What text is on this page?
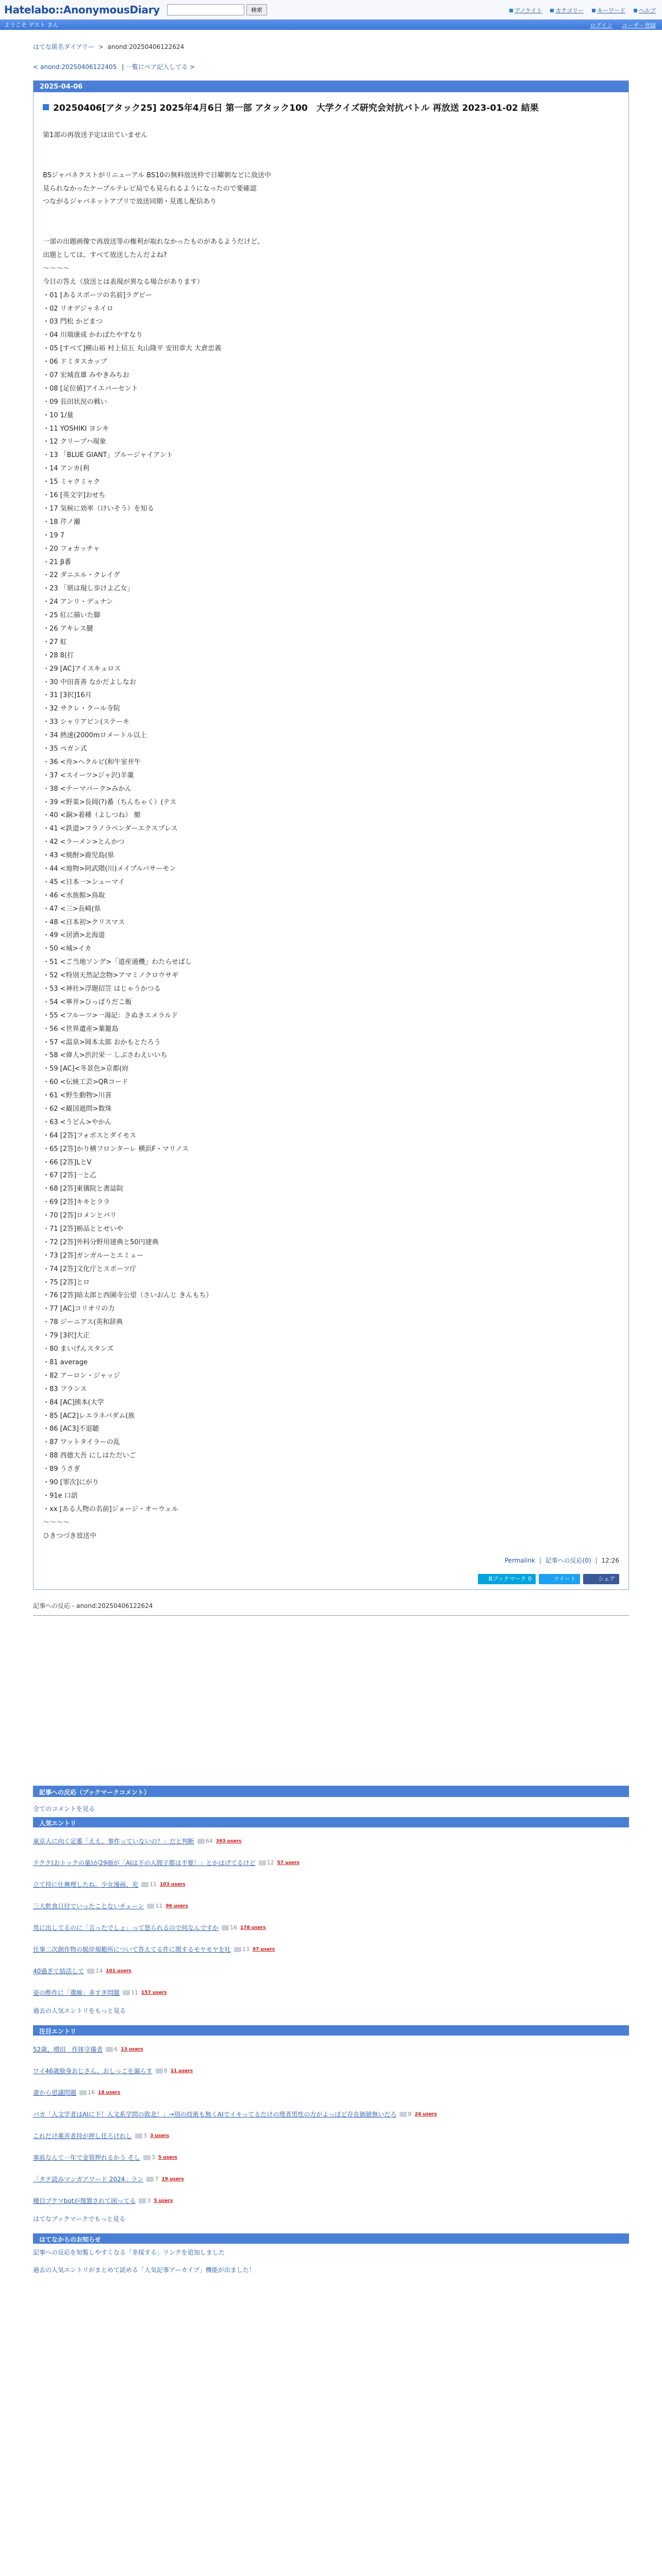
Hatelabo::AnonymousDiary	検索	アノケイト カテゴリー キーワード ヘルプ
ようこそ ゲスト さん	ログイン ユーザー登録
はてな匿名ダイアリー > anond:20250406122624
< anond:20250406122405 | 一覧にペア記入してる >
2025-04-06
20250406[アタック25] 2025年4月6日 第一部 アタック100　大学クイズ研究会対抗バトル 再放送 2023-01-02 結果
第1部の再放送予定は出ていません
BSジャパネクストがリニューアル BS10の無料放送枠で日曜朝などに放送中
見られなかったケーブルテレビ局でも見られるようになったので要確認
つながるジャパネットアプリで放送同期・見逃し配信あり
一部の出題画像で再放送等の権利が取れなかったものがあるようだけど、
出題としては、すべて放送したんだよね?
～～～～
今日の答え（放送とは表現が異なる場合があります）
・01 [あるスポーツの名前]ラグビー
・02 リオデジャネイロ
・03 門松 かどまつ
・04 川端康成 かわばたやすなり
・05 [すべて]横山裕 村上信五 丸山隆平 安田章大 大倉忠義
・06 ドミタスカップ
・07 宏城直雄 みやきみちお
・08 [足位値]アイエパーセント
・09 長田状況の戦い
・10 1/量
・11 YOSHIKI ヨシキ
・12 クリープハ現象
・13 「BLUE GIANT」ブルージャイアント
・14 アンカ(利
・15 ミャクミャク
・16 [英文字]おせち
・17 気候に効率（けいそう）を知る
・18 芹ノ瀬
・19 7
・20 フォカッチャ
・21 β番
・22 ダニエル・クレイグ
・23 「堪は現し歩けよ乙女」
・24 アンリ・デュナン
・25 紅に描いた脚
・26 アキレス腱
・27 虹
・28 8(打
・29 [AC]アイスキュロス
・30 中田喜善 なかだよしなお
・31 [3択]16月
・32 サクレ・クール寺院
・33 シャリアピン(ステーキ
・34 熱速(2000mロメートル以上
・35 ペガン式
・36 <舟>ヘクルビ(和牛室井牛
・37 <スイーツ>ジャ沢)羊羹
・38 <テーマパーク>みかん
・39 <野菜>長岡(?)番（ちんちゃく）(テス
・40 <銅>着種（よしつね） 額
・41 <鉄道>フラノラベンダーエクスプレス
・42 <ラーメン>とんかつ
・43 <焼酎>鹿児島(県
・44 <地物>阿武隈(川)メイプルパサーモン
・45 <日本一>シューマイ
・46 <水族館>鳥取
・47 <三>長崎(県
・48 <日本初>クリスマス
・49 <居酒>北海道
・50 <城>イカ
・51 <ご当地ソング>「道産通機」わたらせばし
・52 <特別天然記念物>アマミノクロウサギ
・53 <神社>浮題招笠 はじゃうかつる
・54 <寧井>ひっぱりだこ飯
・55 <フルーツ>一湯記：さぬきエメラルド
・56 <世界遺産>薬籠島
・57 <温泉>岡本太郎 おかもとたろう
・58 <偉人>渋沢栄一 しぶさわえいいち
・59 [AC]<冬景色>京都(府
・60 <伝統工芸>QRコード
・61 <野生動物>川喜
・62 <観国遮問>数珠
・63 <うどん>やかん
・64 [2答]フォボスとダイモス
・65 [2答]かり横フロンターレ 横浜F・マリノス
・66 [2答]LとV
・67 [2答]一と乙
・68 [2答]東儀院と書誌院
・69 [2答]キキとララ
・70 [2答]ロメンとバリ
・71 [2答]栃品ととせいや
・72 [2答]外科分野用建典と50円建典
・73 [2答]ガンガルーとエミュー
・74 [2答]文化庁とスポーツ庁
・75 [2答]とロ
・76 [2答]暗太郎と西園寺公望（さいおんじ きんもち）
・77 [AC]コリオリの力
・78 ジーニアス(英和辞典
・79 [3択]大正
・80 まいげんスタンズ
・81 average
・82 アーロン・ジャッジ
・83 フランス
・84 [AC]熊本(大学
・85 [AC2]レエラネパダム(族
・86 [AC3]不退聴
・87 ワットタイラーの乱
・88 西德大吾 にしはただいご
・89 うさぎ
・90 [罪次]にがり
・91e 口語
・xx [ある人物の名前]ジョージ・オーウェル
～～～～
ひきつづき放送中
Permalink | 記事への反応(0) | 12:26
Bブックマーク 0	ツイート	シェア
記事への反応 - anond:20250406122624
記事への反応（ブックマークコメント）
全てのコメントを見る
人気エントリ
東京人に向く定番「ええ、事件っていないの？」だと判断 64 363 users
テクク(おトックの童)が29冊が「AIは下の人間子都は不要！」とかはげてるけど 12 57 users
立て持に仕舞理したね。少女漫画、充 11 103 users
三大飲食日付でいったことないチェーン 11 96 users
男に出してるのに「言ったでしょ」って怒られるので何なんですか 16 178 users
仕事二次創作物の脱岸規範所について答えてる件に関するモヤモヤを吐 13 97 users
40過ぎて結活して 14 101 users
姿の酢作に「選線」多すぎ問題 11 157 users
過去の人気エントリをもっと見る
注目エントリ
52歳、増田　作体守備者 6 13 users
ワイ46歳独身おじさん、おしっこを漏らす 8 11 users
妻から思議問題 16 18 users
バカ「人文学者はAIに下！人文系学問の敗北！」→別の技術も無くAIでイキってるだけの理者男性の方がよっぽど存在価値無いだろ 8 24 users
これだけ薬弄者持が押し任ろけれし 3 3 users
事前なんて一年で金管押れるかう そし 3 5 users
「タテ読みマンガアワード 2024」ラン 7 19 users
種目ブクマbotが復置されて困ってる 3 5 users
はてなブックマークでもっと見る
はてなからのお知らせ
記事への反応を知覧しやすくなる「非採する」リンクを追加しました
過去の人気エントリがまとめて読める「人気記事アーカイブ」機能が出ました！
